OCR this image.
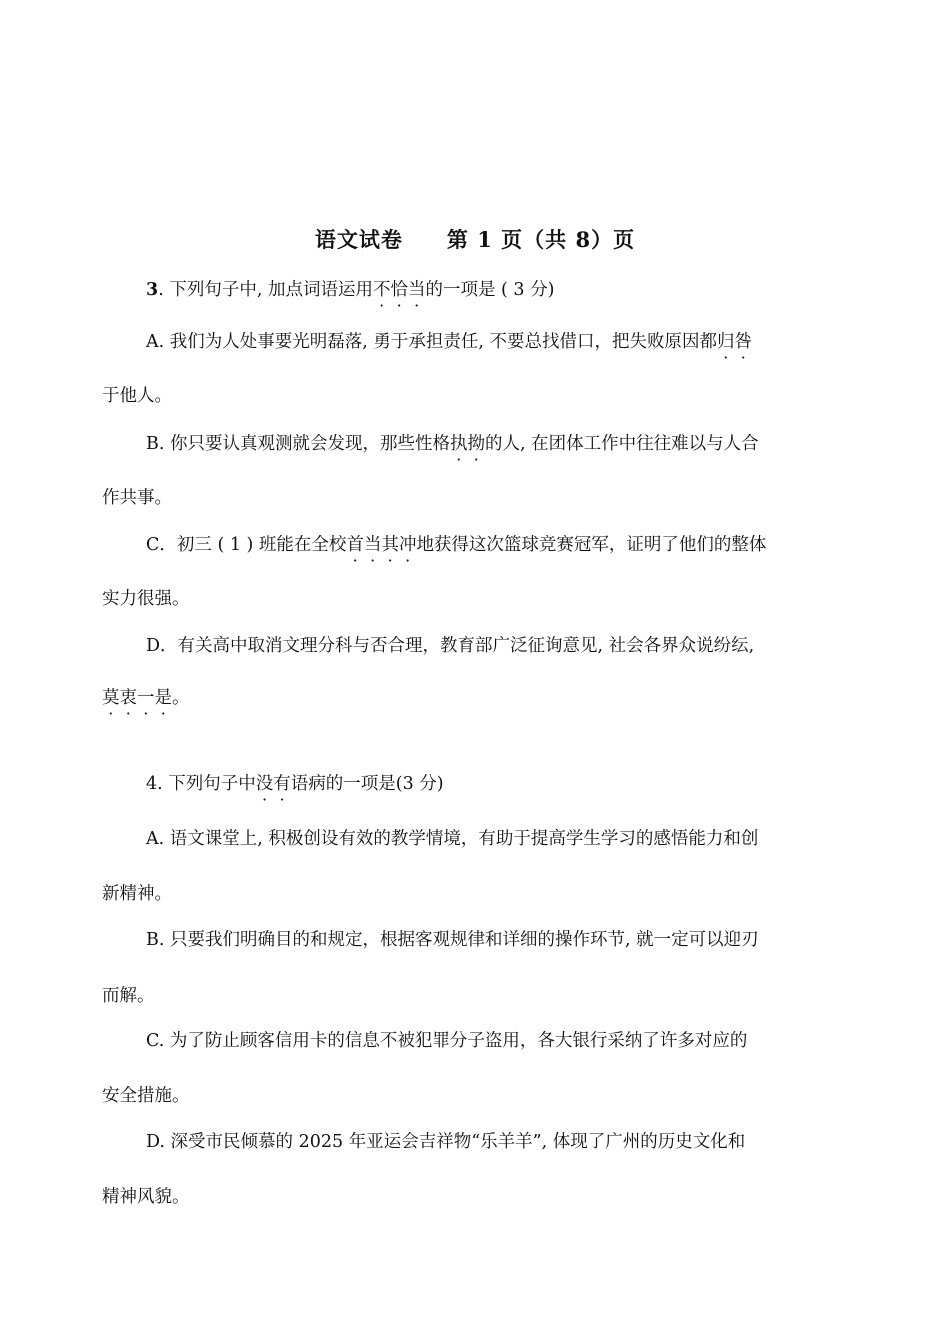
语文试卷 第 1 页（共 8）页
3. 下列句子中, 加点词语运用不恰当的一项是 ( 3 分)
A. 我们为人处事要光明磊落, 勇于承担责任, 不要总找借口，把失败原因都归咎
于他人。
B. 你只要认真观测就会发现，那些性格执拗的人, 在团体工作中往往难以与人合
作共事。
C．初三 ( 1 ) 班能在全校首当其冲地获得这次篮球竞赛冠军，证明了他们的整体
实力很强。
D．有关高中取消文理分科与否合理，教育部广泛征询意见, 社会各界众说纷纭,
莫衷一是。
4. 下列句子中没有语病的一项是(3 分)
A. 语文课堂上, 积极创设有效的教学情境，有助于提高学生学习的感悟能力和创
新精神。
B. 只要我们明确目的和规定，根据客观规律和详细的操作环节, 就一定可以迎刃
而解。
C. 为了防止顾客信用卡的信息不被犯罪分子盗用，各大银行采纳了许多对应的
安全措施。
D. 深受市民倾慕的 2025 年亚运会吉祥物“乐羊羊”, 体现了广州的历史文化和
精神风貌。
